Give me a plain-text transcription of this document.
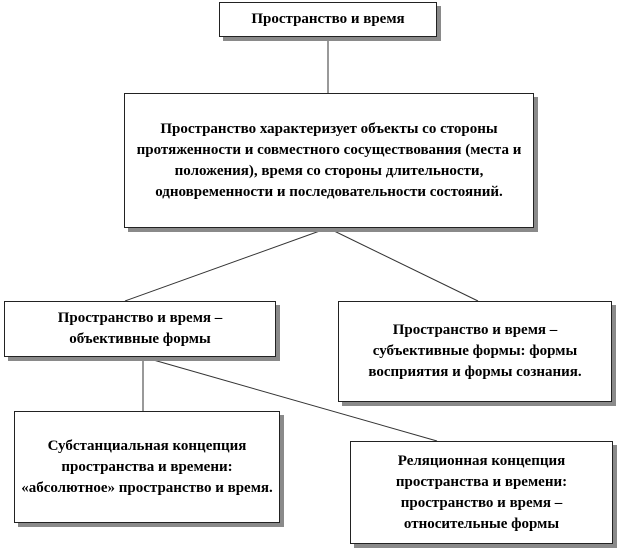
Пространство и время
Пространство характеризует объекты со стороны протяженности и совместного сосуществования (места и положения), время со стороны длительности, одновременности и последовательности состояний.
Пространство и время – объективные формы
Пространство и время – субъективные формы: формы восприятия и формы сознания.
Субстанциальная концепция пространства и времени: «абсолютное» пространство и время.
Реляционная концепция пространства и времени: пространство и время – относительные формы
